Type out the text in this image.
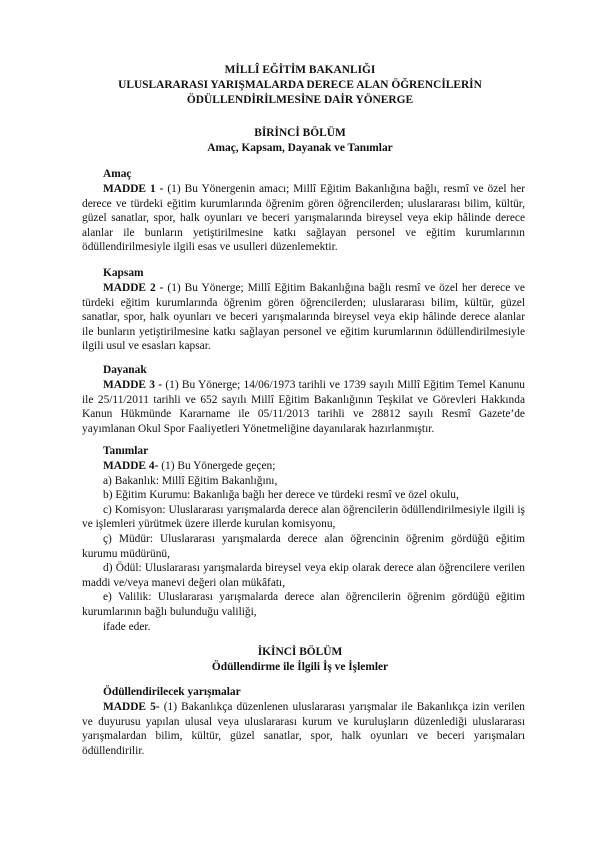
MİLLÎ EĞİTİM BAKANLIĞI
ULUSLARARASI YARIŞMALARDA DERECE ALAN ÖĞRENCİLERİN
ÖDÜLLENDİRİLMESİNE DAİR YÖNERGE
BİRİNCİ BÖLÜM
Amaç, Kapsam, Dayanak ve Tanımlar

Amaç

MADDE 1 - (1) Bu Yönergenin amacı; Millî Eğitim Bakanlığına bağlı, resmî ve özel her derece ve türdeki eğitim kurumlarında öğrenim gören öğrencilerden; uluslararası bilim, kültür, güzel sanatlar, spor, halk oyunları ve beceri yarışmalarında bireysel veya ekip hâlinde derece alanlar ile bunların yetiştirilmesine katkı sağlayan personel ve eğitim kurumlarının ödüllendirilmesiyle ilgili esas ve usulleri düzenlemektir.

Kapsam

MADDE 2 - (1) Bu Yönerge; Millî Eğitim Bakanlığına bağlı resmî ve özel her derece ve türdeki eğitim kurumlarında öğrenim gören öğrencilerden; uluslararası bilim, kültür, güzel sanatlar, spor, halk oyunları ve beceri yarışmalarında bireysel veya ekip hâlinde derece alanlar ile bunların yetiştirilmesine katkı sağlayan personel ve eğitim kurumlarının ödüllendirilmesiyle ilgili usul ve esasları kapsar.

Dayanak

MADDE 3 - (1) Bu Yönerge; 14/06/1973 tarihli ve 1739 sayılı Millî Eğitim Temel Kanunu ile 25/11/2011 tarihli ve 652 sayılı Millî Eğitim Bakanlığının Teşkilat ve Görevleri Hakkında Kanun Hükmünde Kararname ile 05/11/2013 tarihli ve 28812 sayılı Resmî Gazete’de yayımlanan Okul Spor Faaliyetleri Yönetmeliğine dayanılarak hazırlanmıştır.

Tanımlar

MADDE 4- (1) Bu Yönergede geçen;

a) Bakanlık: Millî Eğitim Bakanlığını,

b) Eğitim Kurumu: Bakanlığa bağlı her derece ve türdeki resmî ve özel okulu,

c) Komisyon: Uluslararası yarışmalarda derece alan öğrencilerin ödüllendirilmesiyle ilgili iş ve işlemleri yürütmek üzere illerde kurulan komisyonu,

ç) Müdür: Uluslararası yarışmalarda derece alan öğrencinin öğrenim gördüğü eğitim kurumu müdürünü,

d) Ödül: Uluslararası yarışmalarda bireysel veya ekip olarak derece alan öğrencilere verilen maddi ve/veya manevi değeri olan mükâfatı,

e) Valilik: Uluslararası yarışmalarda derece alan öğrencilerin öğrenim gördüğü eğitim kurumlarının bağlı bulunduğu valiliği,

ifade eder.

İKİNCİ BÖLÜM
Ödüllendirme ile İlgili İş ve İşlemler

Ödüllendirilecek yarışmalar

MADDE 5- (1) Bakanlıkça düzenlenen uluslararası yarışmalar ile Bakanlıkça izin verilen ve duyurusu yapılan ulusal veya uluslararası kurum ve kuruluşların düzenlediği uluslararası yarışmalardan bilim, kültür, güzel sanatlar, spor, halk oyunları ve beceri yarışmaları ödüllendirilir.
